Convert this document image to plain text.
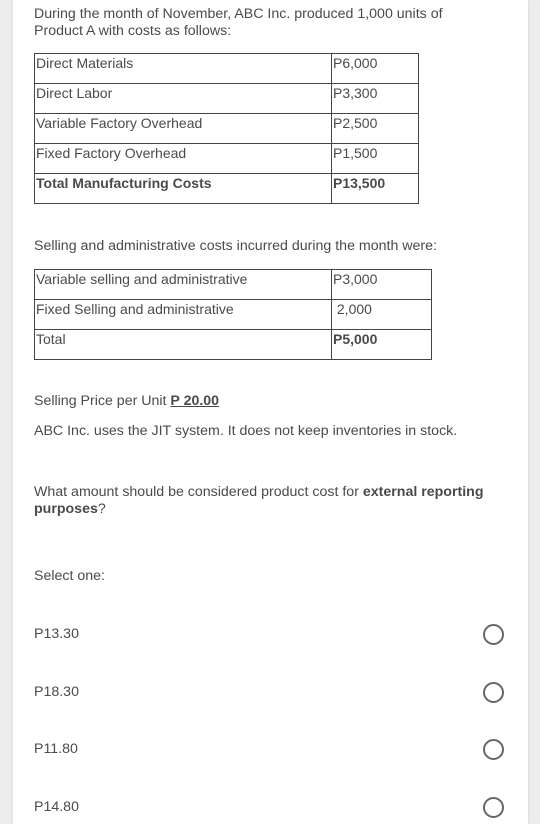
During the month of November, ABC Inc. produced 1,000 units of Product A with costs as follows:
Direct Materials	P6,000
Direct Labor	P3,300
Variable Factory Overhead	P2,500
Fixed Factory Overhead	P1,500
Total Manufacturing Costs	P13,500
Selling and administrative costs incurred during the month were:
Variable selling and administrative	P3,000
Fixed Selling and administrative	2,000
Total	P5,000
Selling Price per Unit P 20.00
ABC Inc. uses the JIT system. It does not keep inventories in stock.
What amount should be considered product cost for external reporting purposes?
Select one:
P13.30
P18.30
P11.80
P14.80
